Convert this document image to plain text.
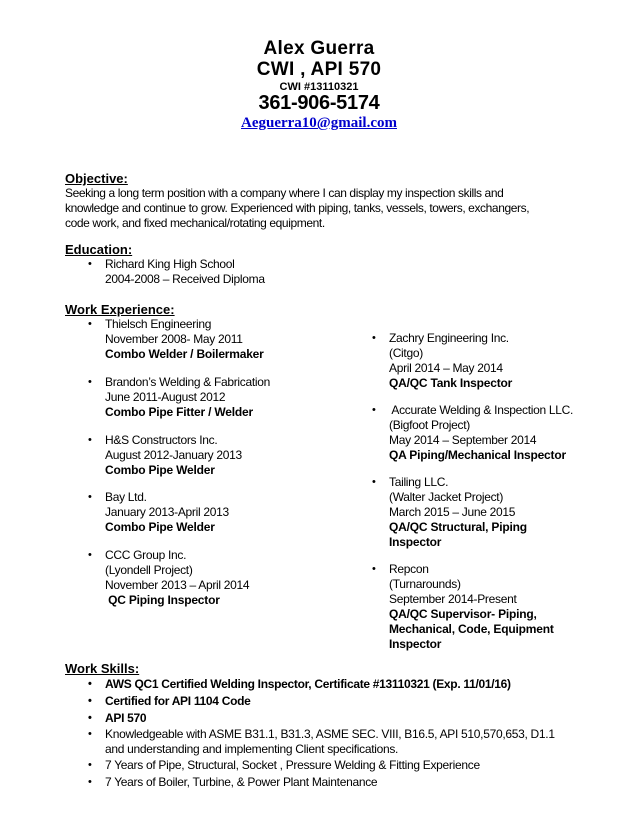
Alex Guerra
CWI , API 570
CWI #13110321
361-906-5174
Aeguerra10@gmail.com
Objective:
Seeking a long term position with a company where I can display my inspection skills and
knowledge and continue to grow. Experienced with piping, tanks, vessels, towers, exchangers,
code work, and fixed mechanical/rotating equipment.
Education:
• Richard King High School
2004-2008 – Received Diploma
Work Experience:
• Thielsch Engineering
November 2008- May 2011
Combo Welder / Boilermaker
• Brandon’s Welding & Fabrication
June 2011-August 2012
Combo Pipe Fitter / Welder
• H&S Constructors Inc.
August 2012-January 2013
Combo Pipe Welder
• Bay Ltd.
January 2013-April 2013
Combo Pipe Welder
• CCC Group Inc.
(Lyondell Project)
November 2013 – April 2014
QC Piping Inspector
• Zachry Engineering Inc.
(Citgo)
April 2014 – May 2014
QA/QC Tank Inspector
• Accurate Welding & Inspection LLC.
(Bigfoot Project)
May 2014 – September 2014
QA Piping/Mechanical Inspector
• Tailing LLC.
(Walter Jacket Project)
March 2015 – June 2015
QA/QC Structural, Piping
Inspector
• Repcon
(Turnarounds)
September 2014-Present
QA/QC Supervisor- Piping,
Mechanical, Code, Equipment
Inspector
Work Skills:
• AWS QC1 Certified Welding Inspector, Certificate #13110321 (Exp. 11/01/16)
• Certified for API 1104 Code
• API 570
• Knowledgeable with ASME B31.1, B31.3, ASME SEC. VIII, B16.5, API 510,570,653, D1.1
and understanding and implementing Client specifications.
• 7 Years of Pipe, Structural, Socket , Pressure Welding & Fitting Experience
• 7 Years of Boiler, Turbine, & Power Plant Maintenance
